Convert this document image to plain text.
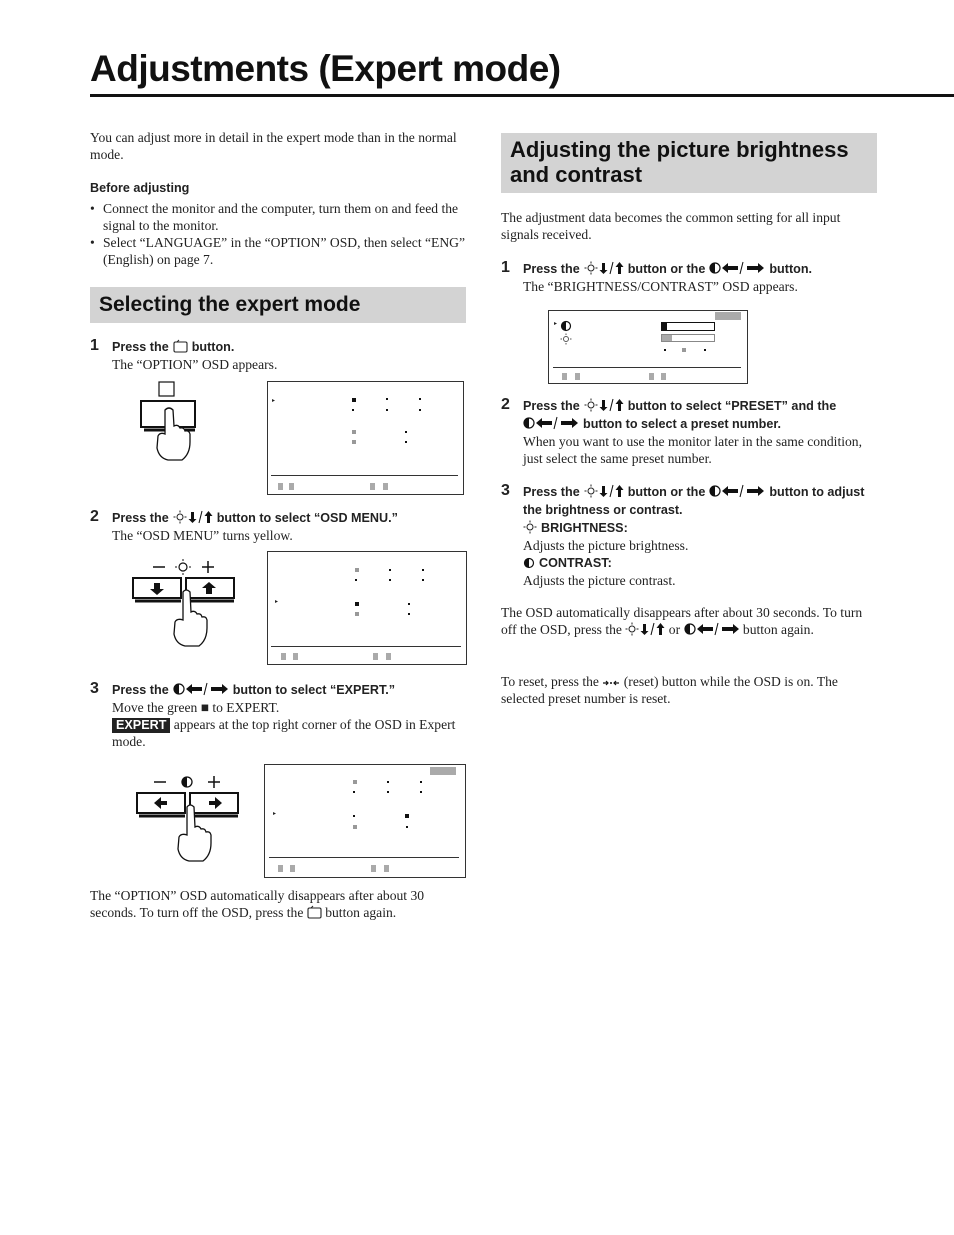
Adjustments (Expert mode)
You can adjust more in detail in the expert mode than in the normal mode.
Before adjusting
• Connect the monitor and the computer, turn them on and feed the signal to the monitor.
• Select “LANGUAGE” in the “OPTION” OSD, then select “ENG” (English) on page 7.
Selecting the expert mode
1 Press the button.
The “OPTION” OSD appears.
▸
2 Press the	button to select “OSD MENU.”
The “OSD MENU” turns yellow.
▸
3 Press the	button to select “EXPERT.”
Move the green ■ to EXPERT.
EXPERT appears at the top right corner of the OSD in Expert mode.
▸
The “OPTION” OSD automatically disappears after about 30 seconds. To turn off the OSD, press the button again.
Adjusting the picture brightness and contrast
The adjustment data becomes the common setting for all input signals received.
1 Press the	button or the	button.
The “BRIGHTNESS/CONTRAST” OSD appears.
▸
2 Press the	button to select “PRESET” and the  button to select a preset number.
When you want to use the monitor later in the same condition, just select the same preset number.
3 Press the	button or the	button to adjust the brightness or contrast.
BRIGHTNESS:
Adjusts the picture brightness.
CONTRAST:
Adjusts the picture contrast.
The OSD automatically disappears after about 30 seconds. To turn off the OSD, press the	or	button again.
To reset, press the (reset) button while the OSD is on. The selected preset number is reset.
